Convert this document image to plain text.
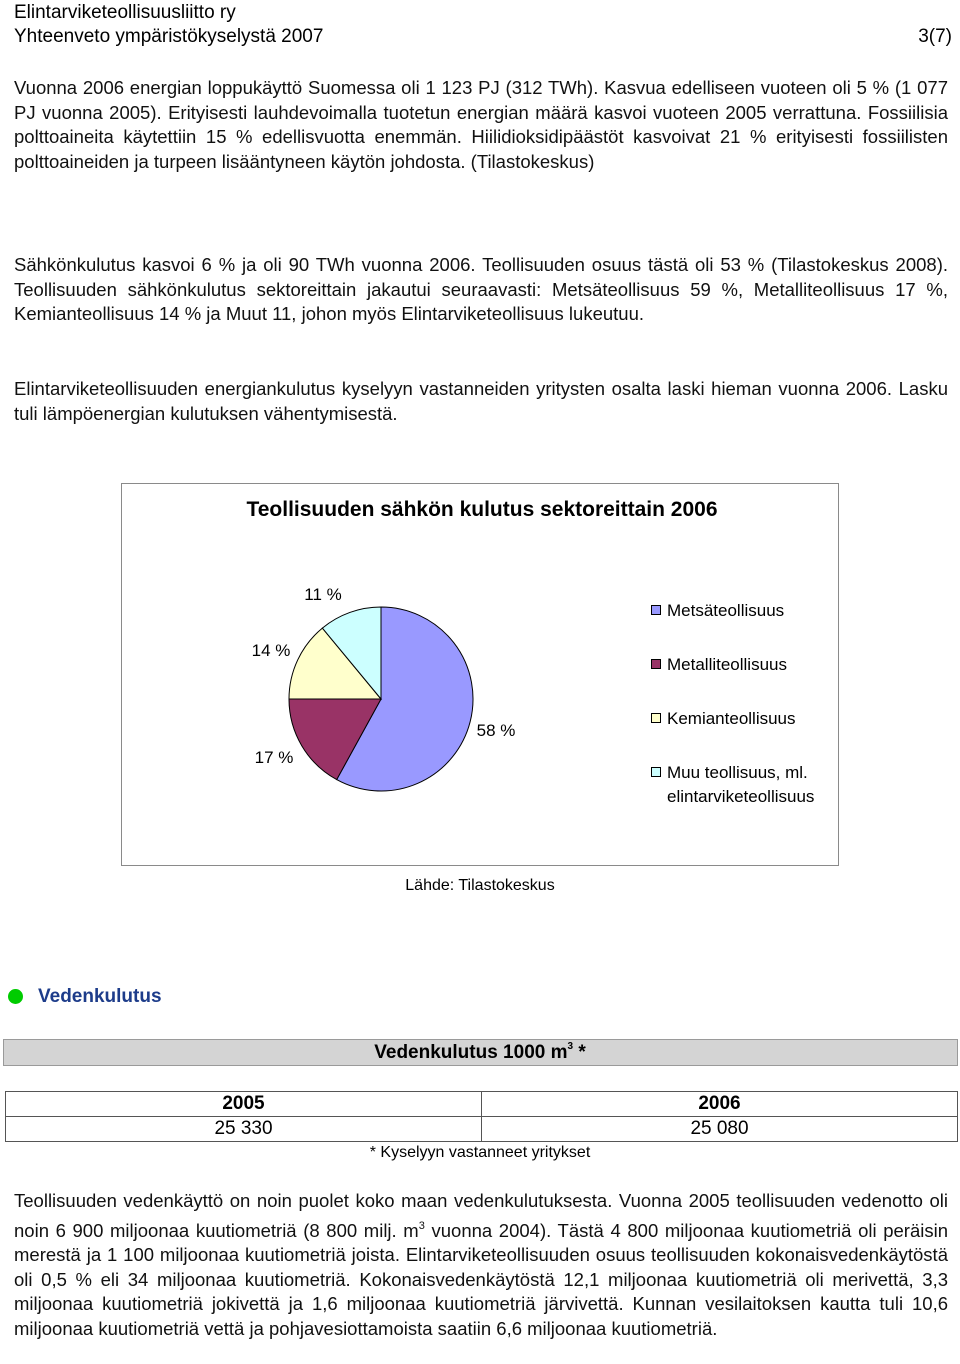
Elintarviketeollisuusliitto ry
Yhteenveto ympäristökyselystä 2007	3(7)
Vuonna 2006 energian loppukäyttö Suomessa oli 1 123 PJ (312 TWh). Kasvua edelliseen vuoteen oli 5 % (1 077 PJ vuonna 2005). Erityisesti lauhdevoimalla tuotetun energian määrä kasvoi vuoteen 2005 verrattuna. Fossiilisia polttoaineita käytettiin 15 % edellisvuotta enemmän. Hiilidioksidipäästöt kasvoivat 21 % erityisesti fossiilisten polttoaineiden ja turpeen lisääntyneen käytön johdosta. (Tilastokeskus)
Sähkönkulutus kasvoi 6 % ja oli 90 TWh vuonna 2006. Teollisuuden osuus tästä oli 53 % (Tilastokeskus 2008). Teollisuuden sähkönkulutus sektoreittain jakautui seuraavasti: Metsäteollisuus 59 %, Metalliteollisuus 17 %, Kemianteollisuus 14 % ja Muut 11, johon myös Elintarviketeollisuus lukeutuu.
Elintarviketeollisuuden energiankulutus kyselyyn vastanneiden yritysten osalta laski hieman vuonna 2006. Lasku tuli lämpöenergian kulutuksen vähentymisestä.
Teollisuuden sähkön kulutus sektoreittain 2006
58 %
17 %
14 %
11 %
Metsäteollisuus
Metalliteollisuus
Kemianteollisuus
Muu teollisuus, ml.
elintarviketeollisuus
Lähde: Tilastokeskus
Vedenkulutus
Vedenkulutus 1000 $m^3$ *
2005	2006
25 330	25 080
* Kyselyyn vastanneet yritykset
Teollisuuden vedenkäyttö on noin puolet koko maan vedenkulutuksesta. Vuonna 2005 teollisuuden vedenotto oli noin 6 900 miljoonaa kuutiometriä (8 800 milj. $m^3$ vuonna 2004). Tästä 4 800 miljoonaa kuutiometriä oli peräisin merestä ja 1 100 miljoonaa kuutiometriä joista. Elintarviketeollisuuden osuus teollisuuden kokonaisvedenkäytöstä oli 0,5 % eli 34 miljoonaa kuutiometriä. Kokonaisvedenkäytöstä 12,1 miljoonaa kuutiometriä oli merivettä, 3,3 miljoonaa kuutiometriä jokivettä ja 1,6 miljoonaa kuutiometriä järvivettä. Kunnan vesilaitoksen kautta tuli 10,6 miljoonaa kuutiometriä vettä ja pohjavesiottamoista saatiin 6,6 miljoonaa kuutiometriä.
